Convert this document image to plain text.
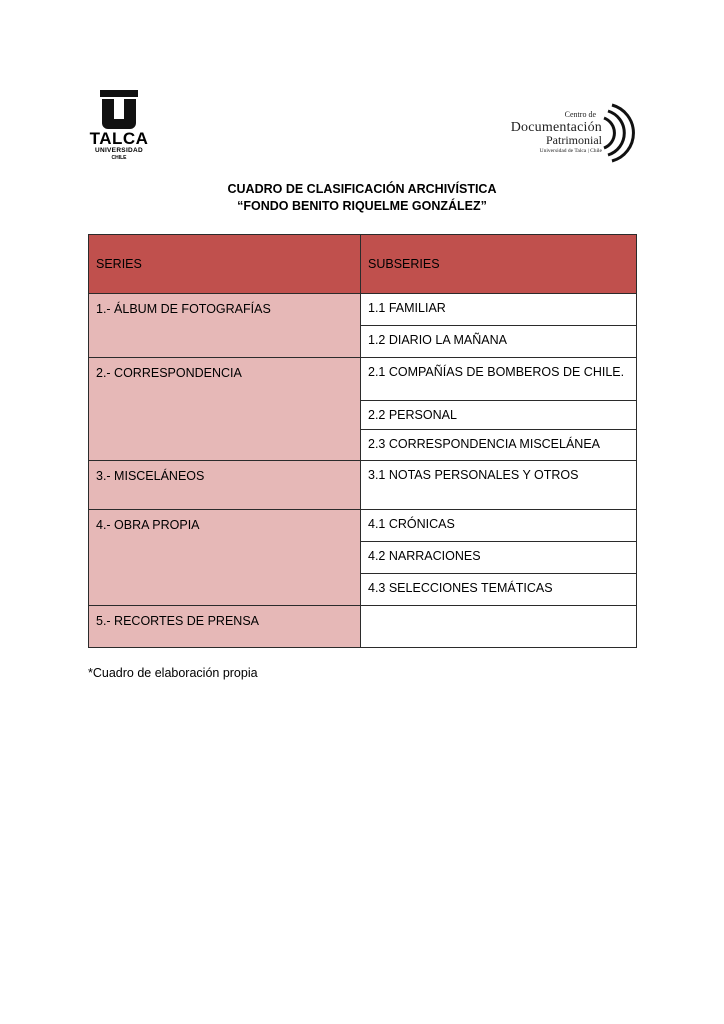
TALCA
UNIVERSIDAD
CHILE
Centro de
Documentación
Patrimonial
Universidad de Talca | Chile
CUADRO DE CLASIFICACIÓN ARCHIVÍSTICA
“FONDO BENITO RIQUELME GONZÁLEZ”
SERIES	SUBSERIES
1.- ÁLBUM DE FOTOGRAFÍAS	1.1 FAMILIAR
	1.2 DIARIO LA MAÑANA
2.- CORRESPONDENCIA	2.1 COMPAÑÍAS DE BOMBEROS DE CHILE.
	2.2 PERSONAL
	2.3 CORRESPONDENCIA MISCELÁNEA
3.- MISCELÁNEOS	3.1 NOTAS PERSONALES Y OTROS
4.- OBRA PROPIA	4.1 CRÓNICAS
	4.2 NARRACIONES
	4.3 SELECCIONES TEMÁTICAS
5.- RECORTES DE PRENSA	
*Cuadro de elaboración propia
